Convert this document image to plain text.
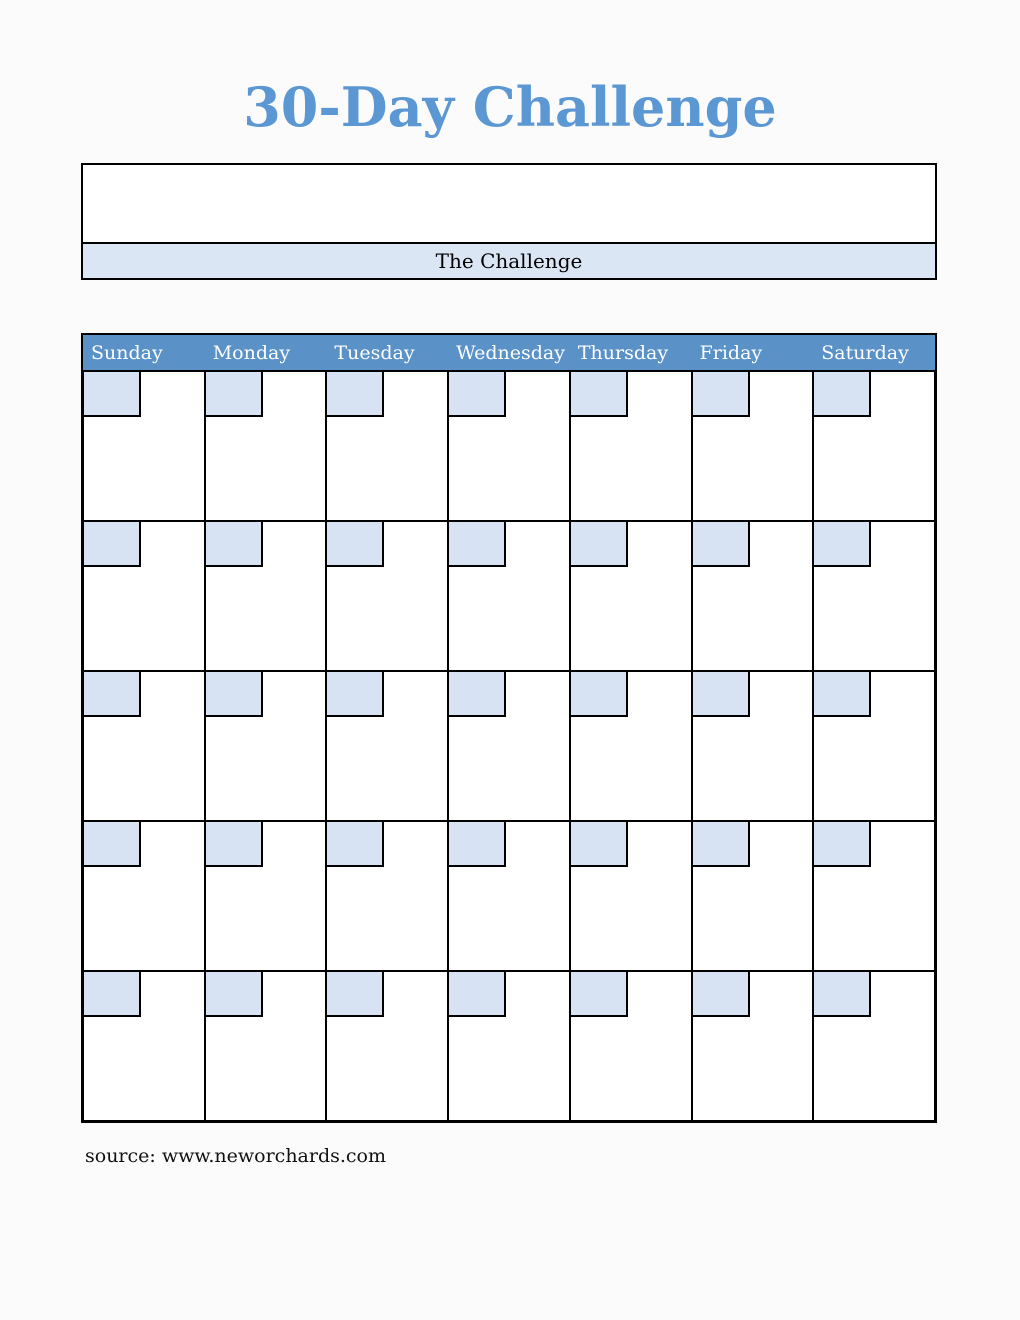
30-Day Challenge
The Challenge
Sunday	Monday	Tuesday	Wednesday Thursday	Friday	Saturday
source: www.neworchards.com
